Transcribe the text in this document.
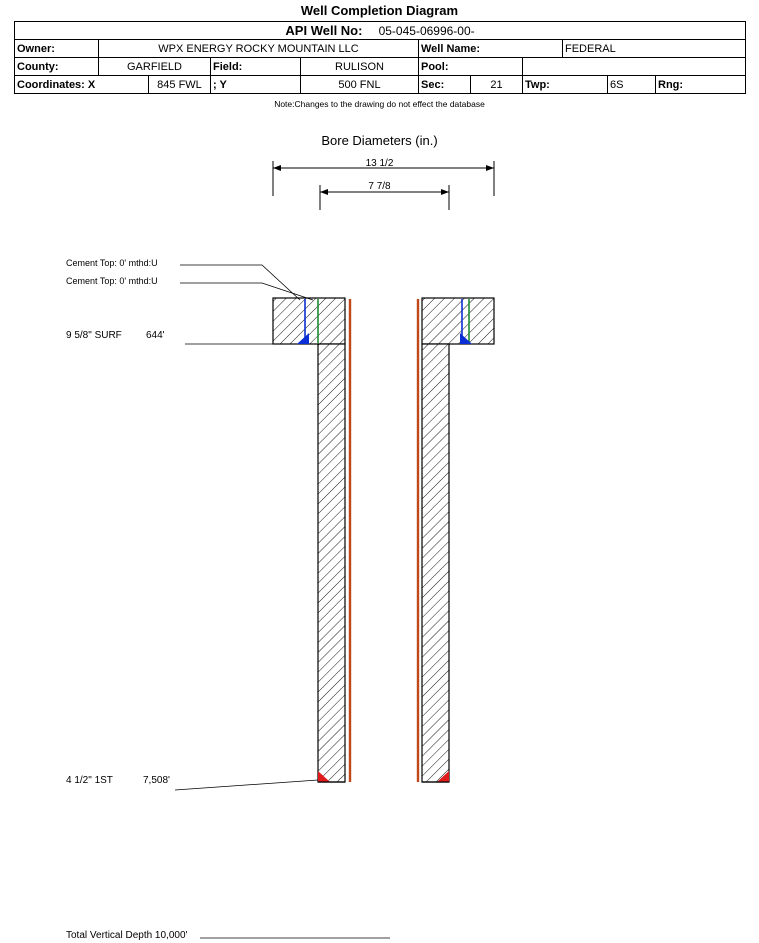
Well Completion Diagram
API Well No: 05-045-06996-00-											
Owner:	WPX ENERGY ROCKY MOUNTAIN LLC				Well Name:			FEDERAL			
County:	GARFIELD		Field:	RULISON	Pool:						
Coordinates: X		845 FWL	; Y	500 FNL	Sec:	21	Twp:		6S	Rng:	
Note:Changes to the drawing do not effect the database
Bore Diameters (in.)
13 1/2
7 7/8
Cement Top: 0' mthd:U
Cement Top: 0' mthd:U
9 5/8" SURF 644'
4 1/2" 1ST	7,508'
Total Vertical Depth 10,000'
